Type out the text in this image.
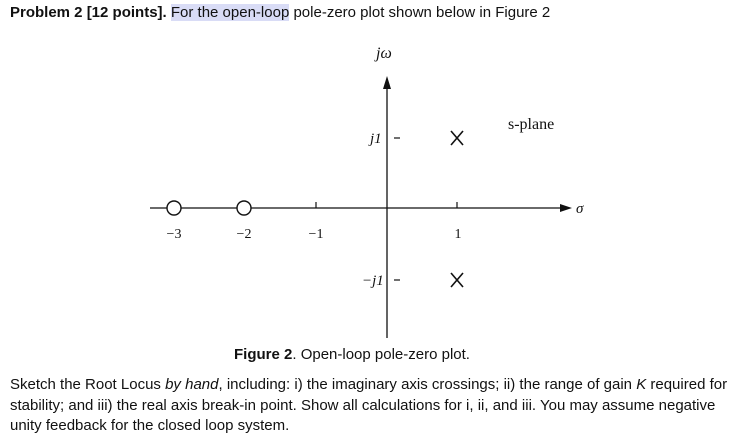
Problem 2 [12 points]. For the open-loop pole-zero plot shown below in Figure 2
jω
σ
s-plane
−3	−2	−1	1
j1
−j1
Figure 2. Open-loop pole-zero plot.
Sketch the Root Locus by hand, including: i) the imaginary axis crossings; ii) the range of gain K required for stability; and iii) the real axis break-in point. Show all calculations for i, ii, and iii. You may assume negative unity feedback for the closed loop system.
